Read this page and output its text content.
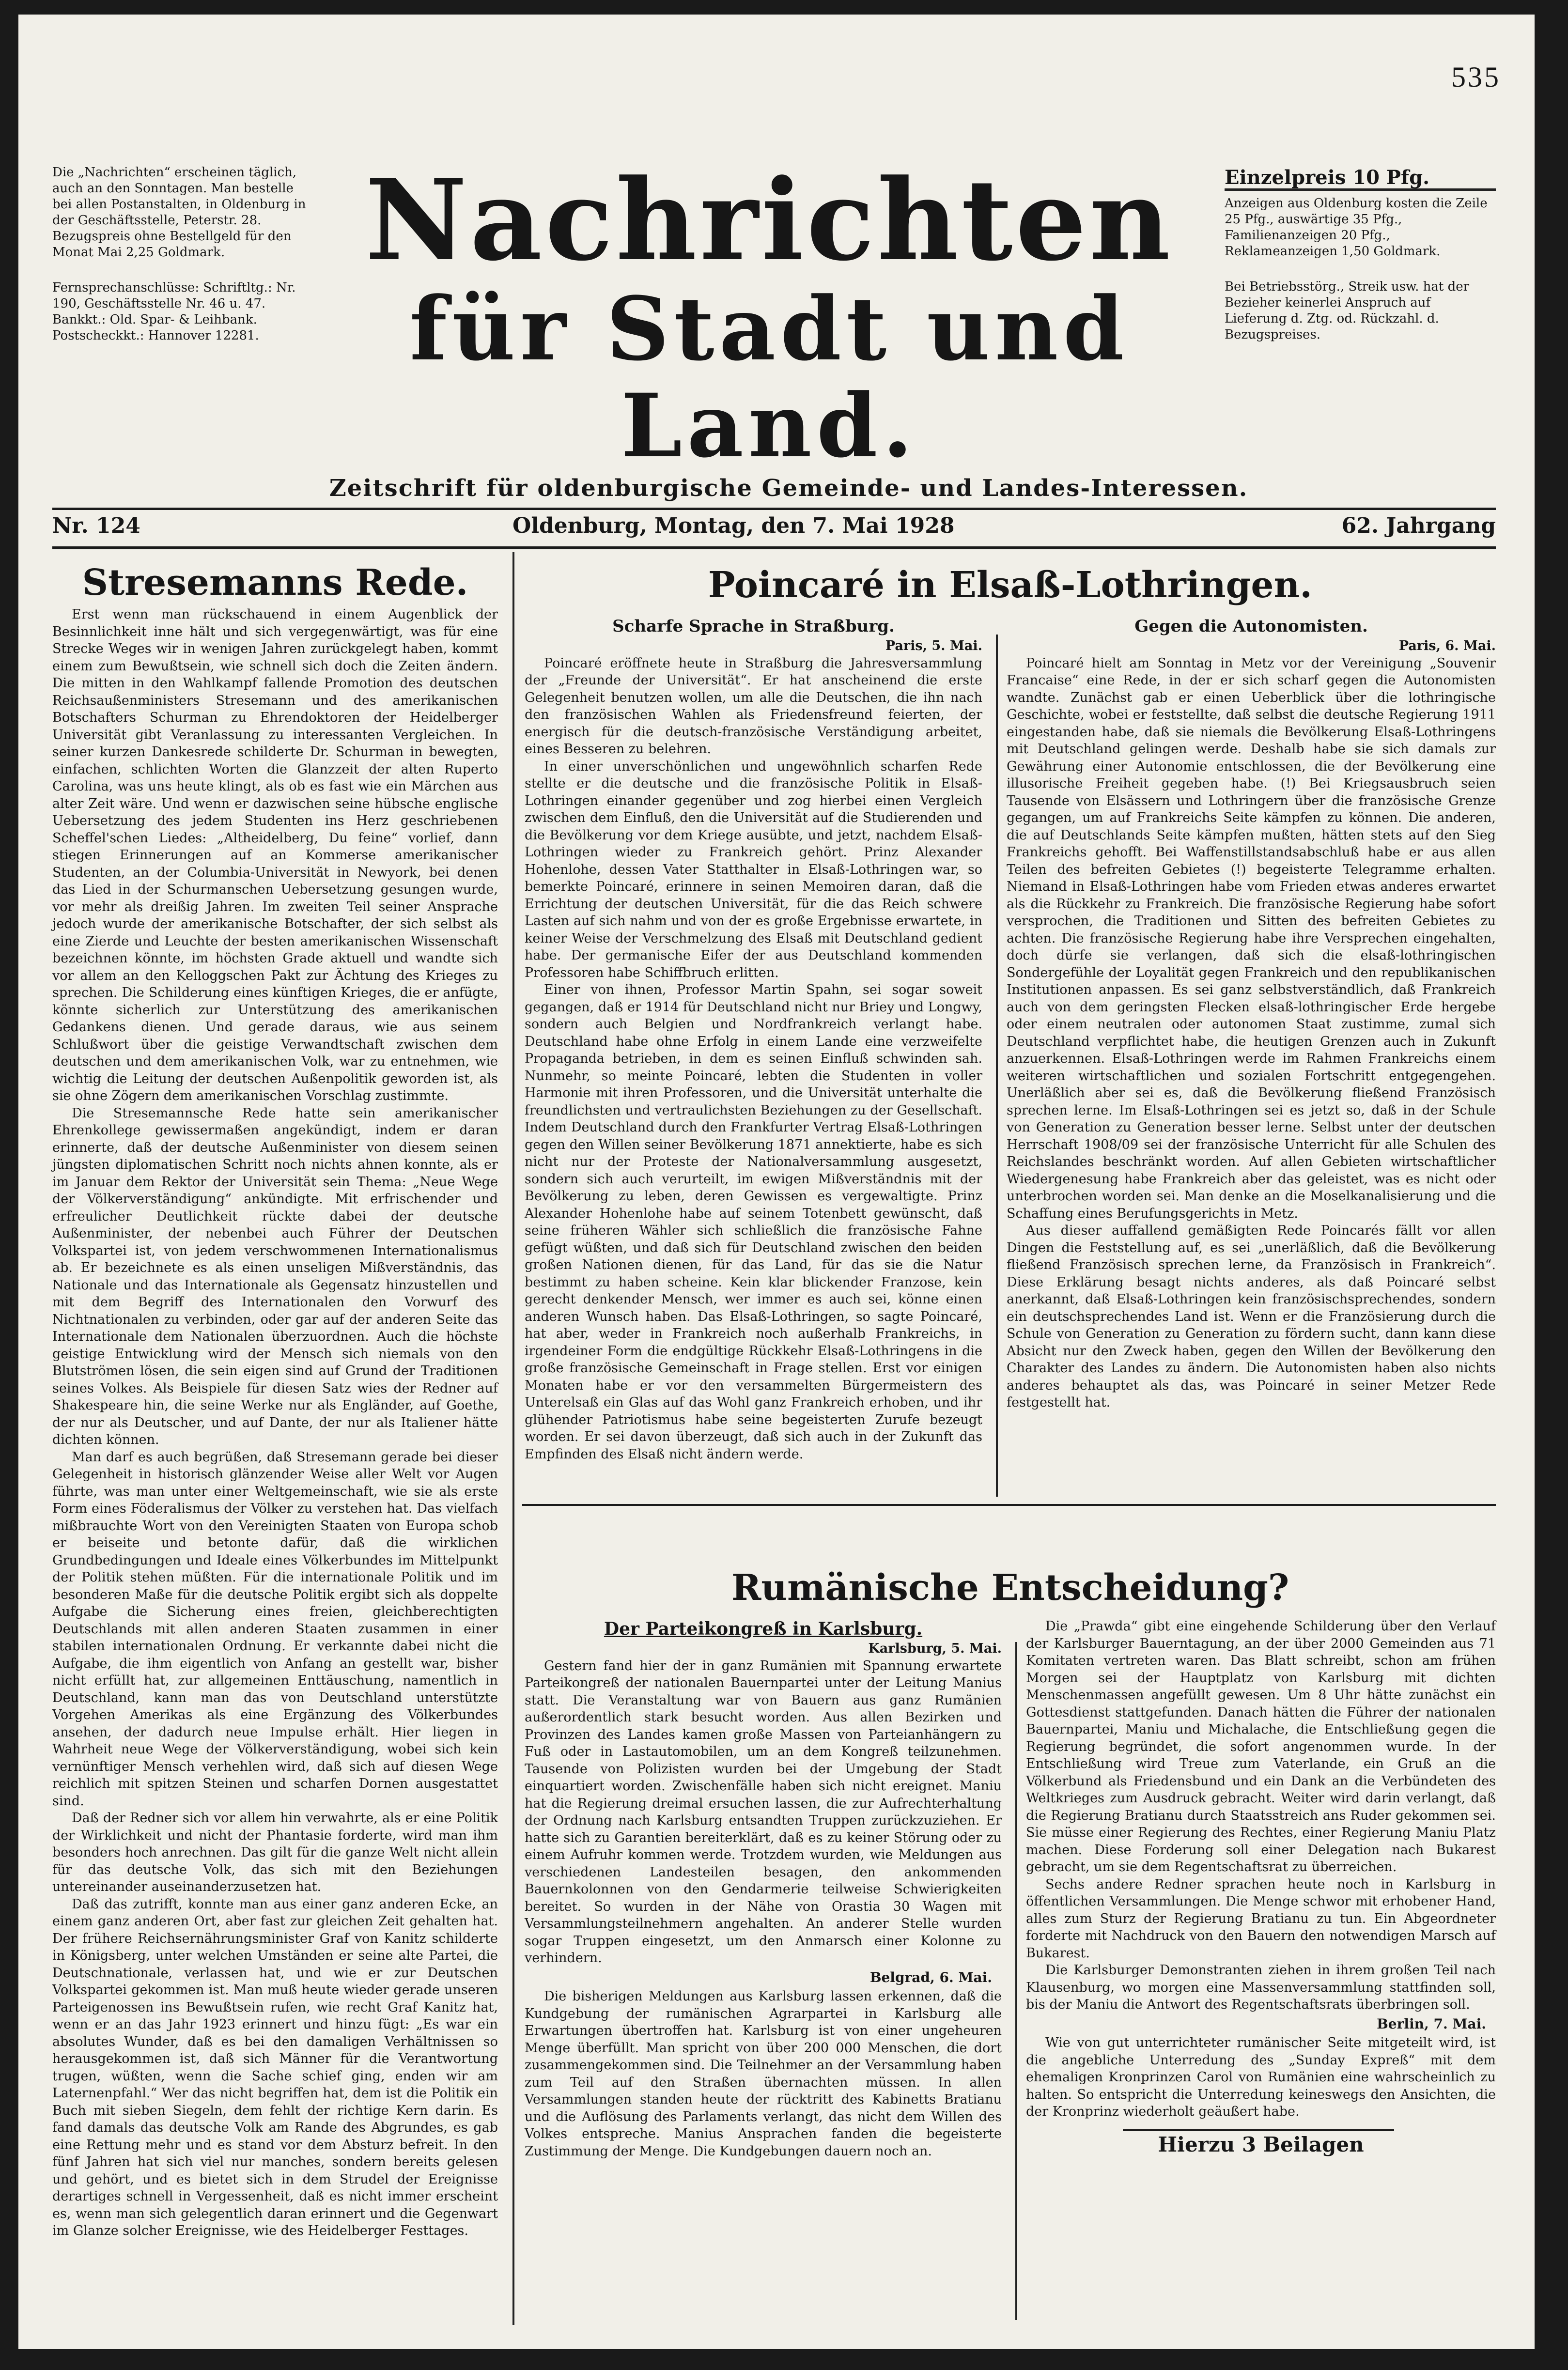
535

Die „Nachrichten“ erscheinen täglich, auch an den Sonntagen. Man bestelle bei allen Postanstalten, in Oldenburg in der Geschäftsstelle, Peterstr. 28. Bezugspreis ohne Bestellgeld für den Monat Mai 2,25 Goldmark.

Fernsprechanschlüsse: Schriftltg.: Nr. 190, Geschäftsstelle Nr. 46 u. 47. Bankkt.: Old. Spar- & Leihbank. Postscheckkt.: Hannover 12281.

Nachrichten
für Stadt und Land.

Einzelpreis 10 Pfg.

Anzeigen aus Oldenburg kosten die Zeile 25 Pfg., auswärtige 35 Pfg., Familienanzeigen 20 Pfg., Reklameanzeigen 1,50 Goldmark.

Bei Betriebsstörg., Streik usw. hat der Bezieher keinerlei Anspruch auf Lieferung d. Ztg. od. Rückzahl. d. Bezugspreises.

Zeitschrift für oldenburgische Gemeinde- und Landes-Interessen.
Nr. 124	Oldenburg, Montag, den 7. Mai 1928	62. Jahrgang
Stresemanns Rede.

Erst wenn man rückschauend in einem Augenblick der Besinnlichkeit inne hält und sich vergegenwärtigt, was für eine Strecke Weges wir in wenigen Jahren zurückgelegt haben, kommt einem zum Bewußtsein, wie schnell sich doch die Zeiten ändern. Die mitten in den Wahlkampf fallende Promotion des deutschen Reichsaußenministers Stresemann und des amerikanischen Botschafters Schurman zu Ehrendoktoren der Heidelberger Universität gibt Veranlassung zu interessanten Vergleichen. In seiner kurzen Dankesrede schilderte Dr. Schurman in bewegten, einfachen, schlichten Worten die Glanzzeit der alten Ruperto Carolina, was uns heute klingt, als ob es fast wie ein Märchen aus alter Zeit wäre. Und wenn er dazwischen seine hübsche englische Uebersetzung des jedem Studenten ins Herz geschriebenen Scheffel'schen Liedes: „Altheidelberg, Du feine“ vorlief, dann stiegen Erinnerungen auf an Kommerse amerikanischer Studenten, an der Columbia-Universität in Newyork, bei denen das Lied in der Schurmanschen Uebersetzung gesungen wurde, vor mehr als dreißig Jahren. Im zweiten Teil seiner Ansprache jedoch wurde der amerikanische Botschafter, der sich selbst als eine Zierde und Leuchte der besten amerikanischen Wissenschaft bezeichnen könnte, im höchsten Grade aktuell und wandte sich vor allem an den Kelloggschen Pakt zur Ächtung des Krieges zu sprechen. Die Schilderung eines künftigen Krieges, die er anfügte, könnte sicherlich zur Unterstützung des amerikanischen Gedankens dienen. Und gerade daraus, wie aus seinem Schlußwort über die geistige Verwandtschaft zwischen dem deutschen und dem amerikanischen Volk, war zu entnehmen, wie wichtig die Leitung der deutschen Außenpolitik geworden ist, als sie ohne Zögern dem amerikanischen Vorschlag zustimmte.

Die Stresemannsche Rede hatte sein amerikanischer Ehrenkollege gewissermaßen angekündigt, indem er daran erinnerte, daß der deutsche Außenminister von diesem seinen jüngsten diplomatischen Schritt noch nichts ahnen konnte, als er im Januar dem Rektor der Universität sein Thema: „Neue Wege der Völkerverständigung“ ankündigte. Mit erfrischender und erfreulicher Deutlichkeit rückte dabei der deutsche Außenminister, der nebenbei auch Führer der Deutschen Volkspartei ist, von jedem verschwommenen Internationalismus ab. Er bezeichnete es als einen unseligen Mißverständnis, das Nationale und das Internationale als Gegensatz hinzustellen und mit dem Begriff des Internationalen den Vorwurf des Nichtnationalen zu verbinden, oder gar auf der anderen Seite das Internationale dem Nationalen überzuordnen. Auch die höchste geistige Entwicklung wird der Mensch sich niemals von den Blutströmen lösen, die sein eigen sind auf Grund der Traditionen seines Volkes. Als Beispiele für diesen Satz wies der Redner auf Shakespeare hin, die seine Werke nur als Engländer, auf Goethe, der nur als Deutscher, und auf Dante, der nur als Italiener hätte dichten können.

Man darf es auch begrüßen, daß Stresemann gerade bei dieser Gelegenheit in historisch glänzender Weise aller Welt vor Augen führte, was man unter einer Weltgemeinschaft, wie sie als erste Form eines Föderalismus der Völker zu verstehen hat. Das vielfach mißbrauchte Wort von den Vereinigten Staaten von Europa schob er beiseite und betonte dafür, daß die wirklichen Grundbedingungen und Ideale eines Völkerbundes im Mittelpunkt der Politik stehen müßten. Für die internationale Politik und im besonderen Maße für die deutsche Politik ergibt sich als doppelte Aufgabe die Sicherung eines freien, gleichberechtigten Deutschlands mit allen anderen Staaten zusammen in einer stabilen internationalen Ordnung. Er verkannte dabei nicht die Aufgabe, die ihm eigentlich von Anfang an gestellt war, bisher nicht erfüllt hat, zur allgemeinen Enttäuschung, namentlich in Deutschland, kann man das von Deutschland unterstützte Vorgehen Amerikas als eine Ergänzung des Völkerbundes ansehen, der dadurch neue Impulse erhält. Hier liegen in Wahrheit neue Wege der Völkerverständigung, wobei sich kein vernünftiger Mensch verhehlen wird, daß sich auf diesen Wege reichlich mit spitzen Steinen und scharfen Dornen ausgestattet sind.

Daß der Redner sich vor allem hin verwahrte, als er eine Politik der Wirklichkeit und nicht der Phantasie forderte, wird man ihm besonders hoch anrechnen. Das gilt für die ganze Welt nicht allein für das deutsche Volk, das sich mit den Beziehungen untereinander auseinanderzusetzen hat.

Daß das zutrifft, konnte man aus einer ganz anderen Ecke, an einem ganz anderen Ort, aber fast zur gleichen Zeit gehalten hat. Der frühere Reichsernährungsminister Graf von Kanitz schilderte in Königsberg, unter welchen Umständen er seine alte Partei, die Deutschnationale, verlassen hat, und wie er zur Deutschen Volkspartei gekommen ist. Man muß heute wieder gerade unseren Parteigenossen ins Bewußtsein rufen, wie recht Graf Kanitz hat, wenn er an das Jahr 1923 erinnert und hinzu fügt: „Es war ein absolutes Wunder, daß es bei den damaligen Verhältnissen so herausgekommen ist, daß sich Männer für die Verantwortung trugen, wüßten, wenn die Sache schief ging, enden wir am Laternenpfahl.“ Wer das nicht begriffen hat, dem ist die Politik ein Buch mit sieben Siegeln, dem fehlt der richtige Kern darin. Es fand damals das deutsche Volk am Rande des Abgrundes, es gab eine Rettung mehr und es stand vor dem Absturz befreit. In den fünf Jahren hat sich viel nur manches, sondern bereits gelesen und gehört, und es bietet sich in dem Strudel der Ereignisse derartiges schnell in Vergessenheit, daß es nicht immer erscheint es, wenn man sich gelegentlich daran erinnert und die Gegenwart im Glanze solcher Ereignisse, wie des Heidelberger Festtages.

Poincaré in Elsaß-Lothringen.
Scharfe Sprache in Straßburg.

Paris, 5. Mai.

Poincaré eröffnete heute in Straßburg die Jahresversammlung der „Freunde der Universität“. Er hat anscheinend die erste Gelegenheit benutzen wollen, um alle die Deutschen, die ihn nach den französischen Wahlen als Friedensfreund feierten, der energisch für die deutsch-französische Verständigung arbeitet, eines Besseren zu belehren.

In einer unverschönlichen und ungewöhnlich scharfen Rede stellte er die deutsche und die französische Politik in Elsaß-Lothringen einander gegenüber und zog hierbei einen Vergleich zwischen dem Einfluß, den die Universität auf die Studierenden und die Bevölkerung vor dem Kriege ausübte, und jetzt, nachdem Elsaß-Lothringen wieder zu Frankreich gehört. Prinz Alexander Hohenlohe, dessen Vater Statthalter in Elsaß-Lothringen war, so bemerkte Poincaré, erinnere in seinen Memoiren daran, daß die Errichtung der deutschen Universität, für die das Reich schwere Lasten auf sich nahm und von der es große Ergebnisse erwartete, in keiner Weise der Verschmelzung des Elsaß mit Deutschland gedient habe. Der germanische Eifer der aus Deutschland kommenden Professoren habe Schiffbruch erlitten.

Einer von ihnen, Professor Martin Spahn, sei sogar soweit gegangen, daß er 1914 für Deutschland nicht nur Briey und Longwy, sondern auch Belgien und Nordfrankreich verlangt habe. Deutschland habe ohne Erfolg in einem Lande eine verzweifelte Propaganda betrieben, in dem es seinen Einfluß schwinden sah. Nunmehr, so meinte Poincaré, lebten die Studenten in voller Harmonie mit ihren Professoren, und die Universität unterhalte die freundlichsten und vertraulichsten Beziehungen zu der Gesellschaft. Indem Deutschland durch den Frankfurter Vertrag Elsaß-Lothringen gegen den Willen seiner Bevölkerung 1871 annektierte, habe es sich nicht nur der Proteste der Nationalversammlung ausgesetzt, sondern sich auch verurteilt, im ewigen Mißverständnis mit der Bevölkerung zu leben, deren Gewissen es vergewaltigte. Prinz Alexander Hohenlohe habe auf seinem Totenbett gewünscht, daß seine früheren Wähler sich schließlich die französische Fahne gefügt wüßten, und daß sich für Deutschland zwischen den beiden großen Nationen dienen, für das Land, für das sie die Natur bestimmt zu haben scheine. Kein klar blickender Franzose, kein gerecht denkender Mensch, wer immer es auch sei, könne einen anderen Wunsch haben. Das Elsaß-Lothringen, so sagte Poincaré, hat aber, weder in Frankreich noch außerhalb Frankreichs, in irgendeiner Form die endgültige Rückkehr Elsaß-Lothringens in die große französische Gemeinschaft in Frage stellen. Erst vor einigen Monaten habe er vor den versammelten Bürgermeistern des Unterelsaß ein Glas auf das Wohl ganz Frankreich erhoben, und ihr glühender Patriotismus habe seine begeisterten Zurufe bezeugt worden. Er sei davon überzeugt, daß sich auch in der Zukunft das Empfinden des Elsaß nicht ändern werde.

Gegen die Autonomisten.

Paris, 6. Mai.

Poincaré hielt am Sonntag in Metz vor der Vereinigung „Souvenir Francaise“ eine Rede, in der er sich scharf gegen die Autonomisten wandte. Zunächst gab er einen Ueberblick über die lothringische Geschichte, wobei er feststellte, daß selbst die deutsche Regierung 1911 eingestanden habe, daß sie niemals die Bevölkerung Elsaß-Lothringens mit Deutschland gelingen werde. Deshalb habe sie sich damals zur Gewährung einer Autonomie entschlossen, die der Bevölkerung eine illusorische Freiheit gegeben habe. (!) Bei Kriegsausbruch seien Tausende von Elsässern und Lothringern über die französische Grenze gegangen, um auf Frankreichs Seite kämpfen zu können. Die anderen, die auf Deutschlands Seite kämpfen mußten, hätten stets auf den Sieg Frankreichs gehofft. Bei Waffenstillstandsabschluß habe er aus allen Teilen des befreiten Gebietes (!) begeisterte Telegramme erhalten. Niemand in Elsaß-Lothringen habe vom Frieden etwas anderes erwartet als die Rückkehr zu Frankreich. Die französische Regierung habe sofort versprochen, die Traditionen und Sitten des befreiten Gebietes zu achten. Die französische Regierung habe ihre Versprechen eingehalten, doch dürfe sie verlangen, daß sich die elsaß-lothringischen Sondergefühle der Loyalität gegen Frankreich und den republikanischen Institutionen anpassen. Es sei ganz selbstverständlich, daß Frankreich auch von dem geringsten Flecken elsaß-lothringischer Erde hergebe oder einem neutralen oder autonomen Staat zustimme, zumal sich Deutschland verpflichtet habe, die heutigen Grenzen auch in Zukunft anzuerkennen. Elsaß-Lothringen werde im Rahmen Frankreichs einem weiteren wirtschaftlichen und sozialen Fortschritt entgegengehen. Unerläßlich aber sei es, daß die Bevölkerung fließend Französisch sprechen lerne. Im Elsaß-Lothringen sei es jetzt so, daß in der Schule von Generation zu Generation besser lerne. Selbst unter der deutschen Herrschaft 1908/09 sei der französische Unterricht für alle Schulen des Reichslandes beschränkt worden. Auf allen Gebieten wirtschaftlicher Wiedergenesung habe Frankreich aber das geleistet, was es nicht oder unterbrochen worden sei. Man denke an die Moselkanalisierung und die Schaffung eines Berufungsgerichts in Metz.

Aus dieser auffallend gemäßigten Rede Poincarés fällt vor allen Dingen die Feststellung auf, es sei „unerläßlich, daß die Bevölkerung fließend Französisch sprechen lerne, da Französisch in Frankreich“. Diese Erklärung besagt nichts anderes, als daß Poincaré selbst anerkannt, daß Elsaß-Lothringen kein französischsprechendes, sondern ein deutschsprechendes Land ist. Wenn er die Französierung durch die Schule von Generation zu Generation zu fördern sucht, dann kann diese Absicht nur den Zweck haben, gegen den Willen der Bevölkerung den Charakter des Landes zu ändern. Die Autonomisten haben also nichts anderes behauptet als das, was Poincaré in seiner Metzer Rede festgestellt hat.

Rumänische Entscheidung?
Der Parteikongreß in Karlsburg.

Karlsburg, 5. Mai.

Gestern fand hier der in ganz Rumänien mit Spannung erwartete Parteikongreß der nationalen Bauernpartei unter der Leitung Manius statt. Die Veranstaltung war von Bauern aus ganz Rumänien außerordentlich stark besucht worden. Aus allen Bezirken und Provinzen des Landes kamen große Massen von Parteianhängern zu Fuß oder in Lastautomobilen, um an dem Kongreß teilzunehmen. Tausende von Polizisten wurden bei der Umgebung der Stadt einquartiert worden. Zwischenfälle haben sich nicht ereignet. Maniu hat die Regierung dreimal ersuchen lassen, die zur Aufrechterhaltung der Ordnung nach Karlsburg entsandten Truppen zurückzuziehen. Er hatte sich zu Garantien bereiterklärt, daß es zu keiner Störung oder zu einem Aufruhr kommen werde. Trotzdem wurden, wie Meldungen aus verschiedenen Landesteilen besagen, den ankommenden Bauernkolonnen von den Gendarmerie teilweise Schwierigkeiten bereitet. So wurden in der Nähe von Orastia 30 Wagen mit Versammlungsteilnehmern angehalten. An anderer Stelle wurden sogar Truppen eingesetzt, um den Anmarsch einer Kolonne zu verhindern.

Belgrad, 6. Mai.

Die bisherigen Meldungen aus Karlsburg lassen erkennen, daß die Kundgebung der rumänischen Agrarpartei in Karlsburg alle Erwartungen übertroffen hat. Karlsburg ist von einer ungeheuren Menge überfüllt. Man spricht von über 200 000 Menschen, die dort zusammengekommen sind. Die Teilnehmer an der Versammlung haben zum Teil auf den Straßen übernachten müssen. In allen Versammlungen standen heute der rücktritt des Kabinetts Bratianu und die Auflösung des Parlaments verlangt, das nicht dem Willen des Volkes entspreche. Manius Ansprachen fanden die begeisterte Zustimmung der Menge. Die Kundgebungen dauern noch an.

Die „Prawda“ gibt eine eingehende Schilderung über den Verlauf der Karlsburger Bauerntagung, an der über 2000 Gemeinden aus 71 Komitaten vertreten waren. Das Blatt schreibt, schon am frühen Morgen sei der Hauptplatz von Karlsburg mit dichten Menschenmassen angefüllt gewesen. Um 8 Uhr hätte zunächst ein Gottesdienst stattgefunden. Danach hätten die Führer der nationalen Bauernpartei, Maniu und Michalache, die Entschließung gegen die Regierung begründet, die sofort angenommen wurde. In der Entschließung wird Treue zum Vaterlande, ein Gruß an die Völkerbund als Friedensbund und ein Dank an die Verbündeten des Weltkrieges zum Ausdruck gebracht. Weiter wird darin verlangt, daß die Regierung Bratianu durch Staatsstreich ans Ruder gekommen sei. Sie müsse einer Regierung des Rechtes, einer Regierung Maniu Platz machen. Diese Forderung soll einer Delegation nach Bukarest gebracht, um sie dem Regentschaftsrat zu überreichen.

Sechs andere Redner sprachen heute noch in Karlsburg in öffentlichen Versammlungen. Die Menge schwor mit erhobener Hand, alles zum Sturz der Regierung Bratianu zu tun. Ein Abgeordneter forderte mit Nachdruck von den Bauern den notwendigen Marsch auf Bukarest.

Die Karlsburger Demonstranten ziehen in ihrem großen Teil nach Klausenburg, wo morgen eine Massenversammlung stattfinden soll, bis der Maniu die Antwort des Regentschaftsrats überbringen soll.

Berlin, 7. Mai.

Wie von gut unterrichteter rumänischer Seite mitgeteilt wird, ist die angebliche Unterredung des „Sunday Expreß“ mit dem ehemaligen Kronprinzen Carol von Rumänien eine wahrscheinlich zu halten. So entspricht die Unterredung keineswegs den Ansichten, die der Kronprinz wiederholt geäußert habe.

Hierzu 3 Beilagen
